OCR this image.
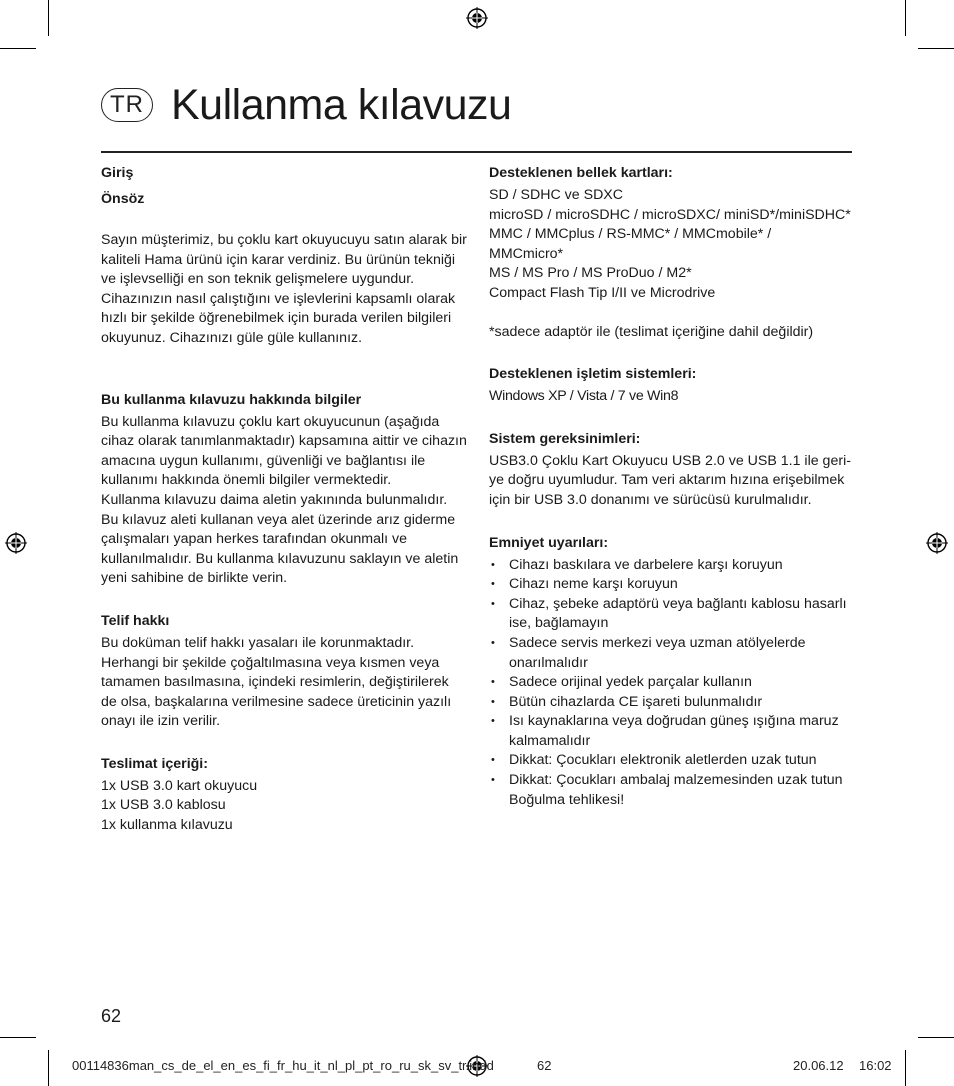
TR Kullanma kılavuzu
Giriş
Önsöz

Sayın müşterimiz, bu çoklu kart okuyucuyu satın alarak bir
kaliteli Hama ürünü için karar verdiniz. Bu ürünün tekniği
ve işlevselliği en son teknik gelişmelere uygundur.
Cihazınızın nasıl çalıştığını ve işlevlerini kapsamlı olarak
hızlı bir şekilde öğrenebilmek için burada verilen bilgileri
okuyunuz. Cihazınızı güle güle kullanınız.

Bu kullanma kılavuzu hakkında bilgiler
Bu kullanma kılavuzu çoklu kart okuyucunun (aşağıda
cihaz olarak tanımlanmaktadır) kapsamına aittir ve cihazın
amacına uygun kullanımı, güvenliği ve bağlantısı ile
kullanımı hakkında önemli bilgiler vermektedir.
Kullanma kılavuzu daima aletin yakınında bulunmalıdır.
Bu kılavuz aleti kullanan veya alet üzerinde arız giderme
çalışmaları yapan herkes tarafından okunmalı ve
kullanılmalıdır. Bu kullanma kılavuzunu saklayın ve aletin
yeni sahibine de birlikte verin.
Telif hakkı
Bu doküman telif hakkı yasaları ile korunmaktadır.
Herhangi bir şekilde çoğaltılmasına veya kısmen veya
tamamen basılmasına, içindeki resimlerin, değiştirilerek
de olsa, başkalarına verilmesine sadece üreticinin yazılı
onayı ile izin verilir.
Teslimat içeriği:
1x USB 3.0 kart okuyucu
1x USB 3.0 kablosu
1x kullanma kılavuzu
Desteklenen bellek kartları:
SD / SDHC ve SDXC
microSD / microSDHC / microSDXC/ miniSD*/miniSDHC*
MMC / MMCplus / RS-MMC* / MMCmobile* /
MMCmicro*
MS / MS Pro / MS ProDuo / M2*
Compact Flash Tip I/II ve Microdrive
*sadece adaptör ile (teslimat içeriğine dahil değildir)
Desteklenen işletim sistemleri:
Windows XP / Vista / 7 ve Win8
Sistem gereksinimleri:
USB3.0 Çoklu Kart Okuyucu USB 2.0 ve USB 1.1 ile geri-
ye doğru uyumludur. Tam veri aktarım hızına erişebilmek
için bir USB 3.0 donanımı ve sürücüsü kurulmalıdır.
Emniyet uyarıları:
• Cihazı baskılara ve darbelere karşı koruyun
• Cihazı neme karşı koruyun
• Cihaz, şebeke adaptörü veya bağlantı kablosu hasarlı
ise, bağlamayın
• Sadece servis merkezi veya uzman atölyelerde
onarılmalıdır
• Sadece orijinal yedek parçalar kullanın
• Bütün cihazlarda CE işareti bulunmalıdır
• Isı kaynaklarına veya doğrudan güneş ışığına maruz
kalmamalıdır
• Dikkat: Çocukları elektronik aletlerden uzak tutun
• Dikkat: Çocukları ambalaj malzemesinden uzak tutun
Boğulma tehlikesi!
62
00114836man_cs_de_el_en_es_fi_fr_hu_it_nl_pl_pt_ro_ru_sk_sv_tr.indd	62	20.06.12 16:02
